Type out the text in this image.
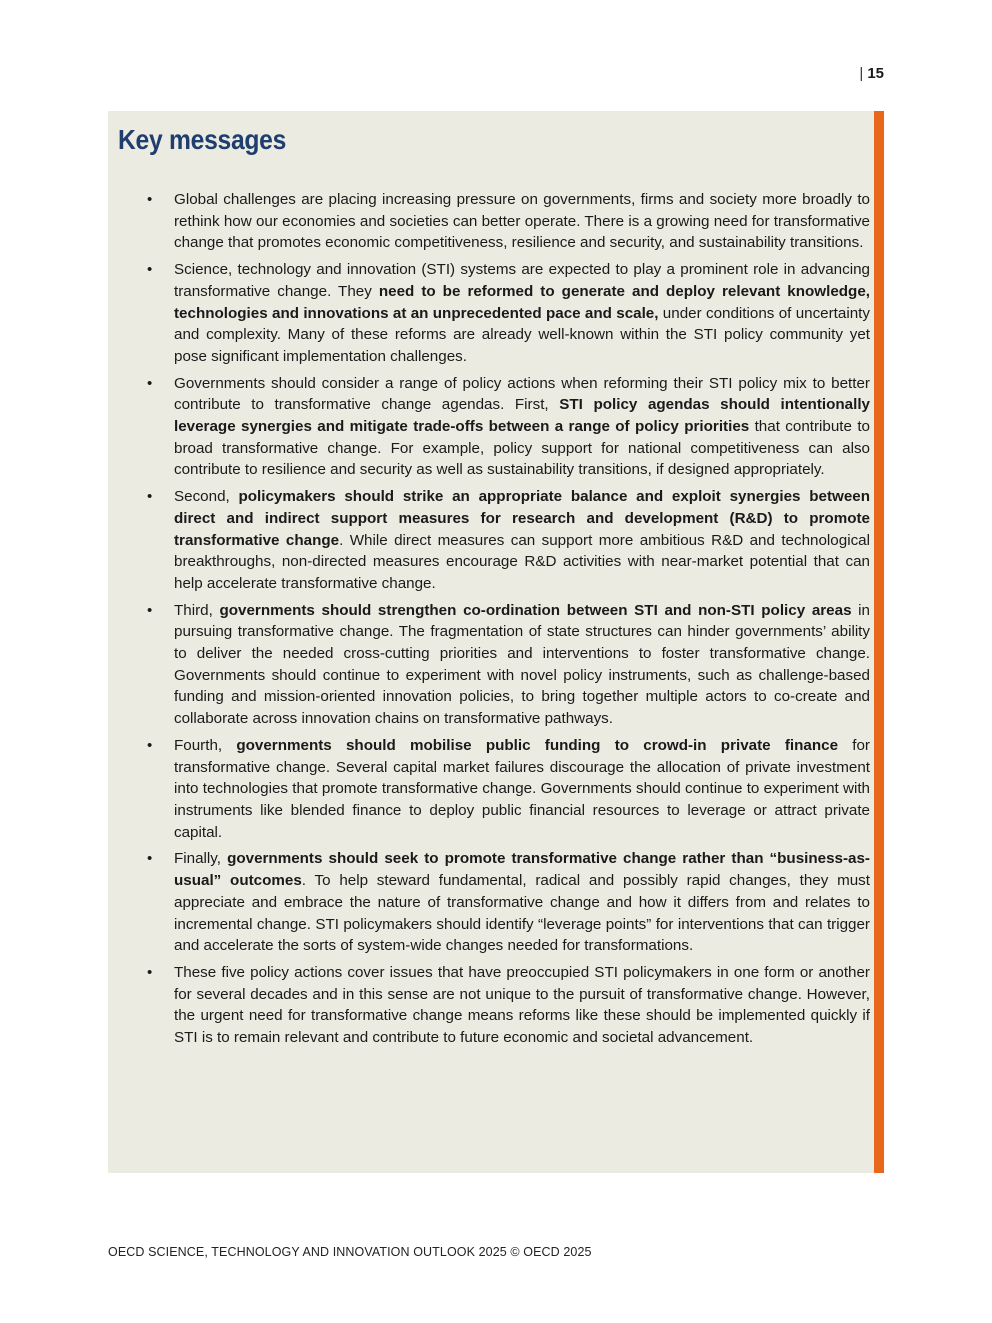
| 15
Key messages
• Global challenges are placing increasing pressure on governments, firms and society more broadly to rethink how our economies and societies can better operate. There is a growing need for transformative change that promotes economic competitiveness, resilience and security, and sustainability transitions.
• Science, technology and innovation (STI) systems are expected to play a prominent role in advancing transformative change. They need to be reformed to generate and deploy relevant knowledge, technologies and innovations at an unprecedented pace and scale, under conditions of uncertainty and complexity. Many of these reforms are already well-known within the STI policy community yet pose significant implementation challenges.
• Governments should consider a range of policy actions when reforming their STI policy mix to better contribute to transformative change agendas. First, STI policy agendas should intentionally leverage synergies and mitigate trade-offs between a range of policy priorities that contribute to broad transformative change. For example, policy support for national competitiveness can also contribute to resilience and security as well as sustainability transitions, if designed appropriately.
• Second, policymakers should strike an appropriate balance and exploit synergies between direct and indirect support measures for research and development (R&D) to promote transformative change. While direct measures can support more ambitious R&D and technological breakthroughs, non-directed measures encourage R&D activities with near-market potential that can help accelerate transformative change.
• Third, governments should strengthen co-ordination between STI and non-STI policy areas in pursuing transformative change. The fragmentation of state structures can hinder governments’ ability to deliver the needed cross-cutting priorities and interventions to foster transformative change. Governments should continue to experiment with novel policy instruments, such as challenge-based funding and mission-oriented innovation policies, to bring together multiple actors to co-create and collaborate across innovation chains on transformative pathways.
• Fourth, governments should mobilise public funding to crowd-in private finance for transformative change. Several capital market failures discourage the allocation of private investment into technologies that promote transformative change. Governments should continue to experiment with instruments like blended finance to deploy public financial resources to leverage or attract private capital.
• Finally, governments should seek to promote transformative change rather than “business-as-usual” outcomes. To help steward fundamental, radical and possibly rapid changes, they must appreciate and embrace the nature of transformative change and how it differs from and relates to incremental change. STI policymakers should identify “leverage points” for interventions that can trigger and accelerate the sorts of system-wide changes needed for transformations.
• These five policy actions cover issues that have preoccupied STI policymakers in one form or another for several decades and in this sense are not unique to the pursuit of transformative change. However, the urgent need for transformative change means reforms like these should be implemented quickly if STI is to remain relevant and contribute to future economic and societal advancement.
OECD SCIENCE, TECHNOLOGY AND INNOVATION OUTLOOK 2025 © OECD 2025
